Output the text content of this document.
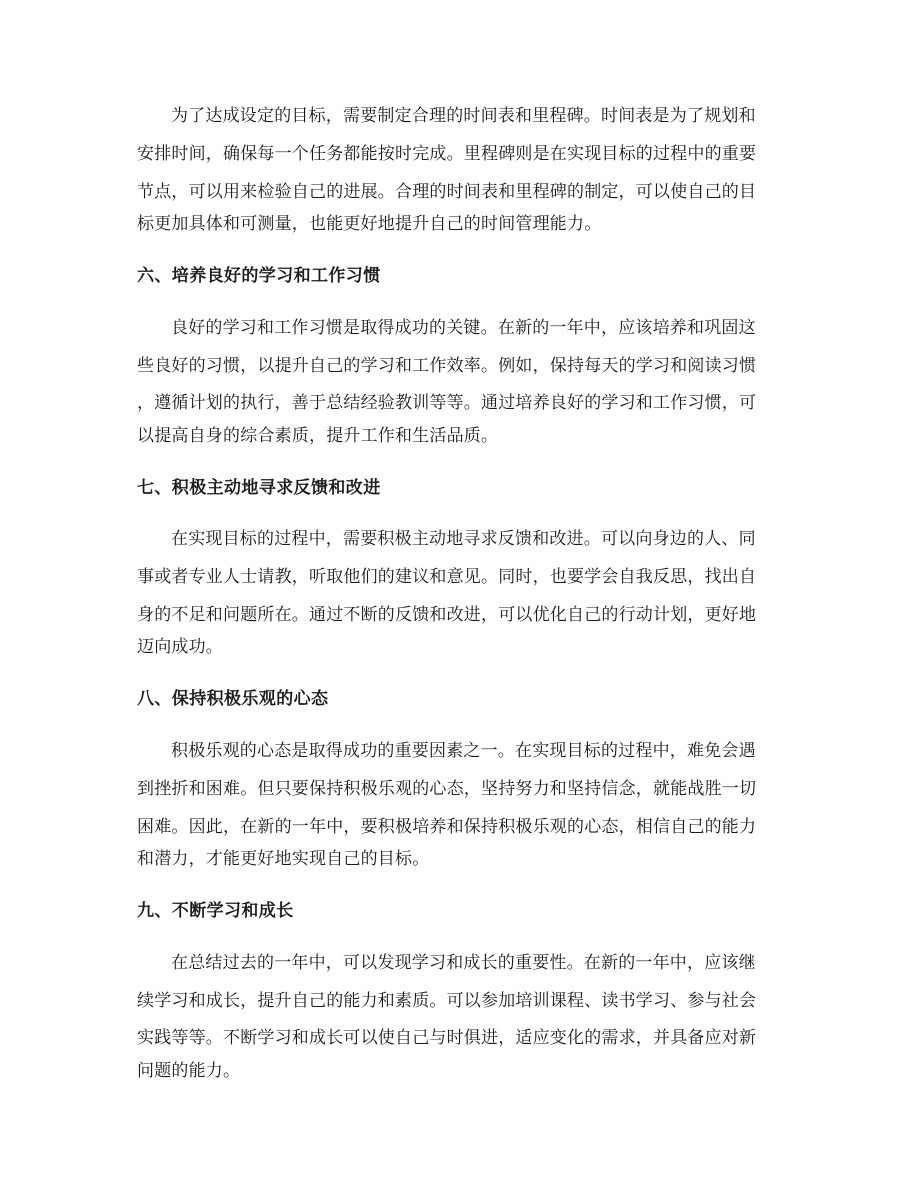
为了达成设定的目标，需要制定合理的时间表和里程碑。时间表是为了规划和
安排时间，确保每一个任务都能按时完成。里程碑则是在实现目标的过程中的重要
节点，可以用来检验自己的进展。合理的时间表和里程碑的制定，可以使自己的目
标更加具体和可测量，也能更好地提升自己的时间管理能力。
六、培养良好的学习和工作习惯
良好的学习和工作习惯是取得成功的关键。在新的一年中，应该培养和巩固这
些良好的习惯，以提升自己的学习和工作效率。例如，保持每天的学习和阅读习惯
，遵循计划的执行，善于总结经验教训等等。通过培养良好的学习和工作习惯，可
以提高自身的综合素质，提升工作和生活品质。
七、积极主动地寻求反馈和改进
在实现目标的过程中，需要积极主动地寻求反馈和改进。可以向身边的人、同
事或者专业人士请教，听取他们的建议和意见。同时，也要学会自我反思，找出自
身的不足和问题所在。通过不断的反馈和改进，可以优化自己的行动计划，更好地
迈向成功。
八、保持积极乐观的心态
积极乐观的心态是取得成功的重要因素之一。在实现目标的过程中，难免会遇
到挫折和困难。但只要保持积极乐观的心态，坚持努力和坚持信念，就能战胜一切
困难。因此，在新的一年中，要积极培养和保持积极乐观的心态，相信自己的能力
和潜力，才能更好地实现自己的目标。
九、不断学习和成长
在总结过去的一年中，可以发现学习和成长的重要性。在新的一年中，应该继
续学习和成长，提升自己的能力和素质。可以参加培训课程、读书学习、参与社会
实践等等。不断学习和成长可以使自己与时俱进，适应变化的需求，并具备应对新
问题的能力。
